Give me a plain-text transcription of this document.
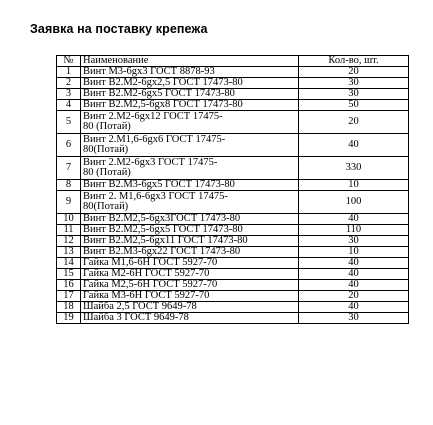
Заявка на поставку крепежа
№	Наименование	Кол-во, шт.
1	Винт М3-6gх3 ГОСТ 8878-93	20
2	Винт В2.М2-6gх2,5 ГОСТ 17473-80	30
3	Винт В2.М2-6gх5 ГОСТ 17473-80	30
4	Винт В2.М2,5-6gх8 ГОСТ 17473-80	50
5	Винт 2.М2-6gх12 ГОСТ 17475-
80 (Потай)	20
6	Винт 2.М1,6-6gх6 ГОСТ 17475-
80(Потай)	40
7	Винт 2.М2-6gх3 ГОСТ 17475-
80 (Потай)	330
8	Винт В2.М3-6gх5 ГОСТ 17473-80	10
9	Винт 2. М1,6-6gх3 ГОСТ 17475-
80(Потай)	100
10	Винт В2.М2,5-6gх3ГОСТ 17473-80	40
11	Винт В2.М2,5-6gх5 ГОСТ 17473-80	110
12	Винт В2.М2,5-6gх11 ГОСТ 17473-80	30
13	Винт В2.М3-6gх22 ГОСТ 17473-80	10
14	Гайка М1,6-6Н ГОСТ 5927-70	40
15	Гайка М2-6Н ГОСТ 5927-70	40
16	Гайка М2,5-6Н ГОСТ 5927-70	40
17	Гайка М3-6Н ГОСТ 5927-70	20
18	Шайба 2,5 ГОСТ 9649-78	40
19	Шайба 3 ГОСТ 9649-78	30
